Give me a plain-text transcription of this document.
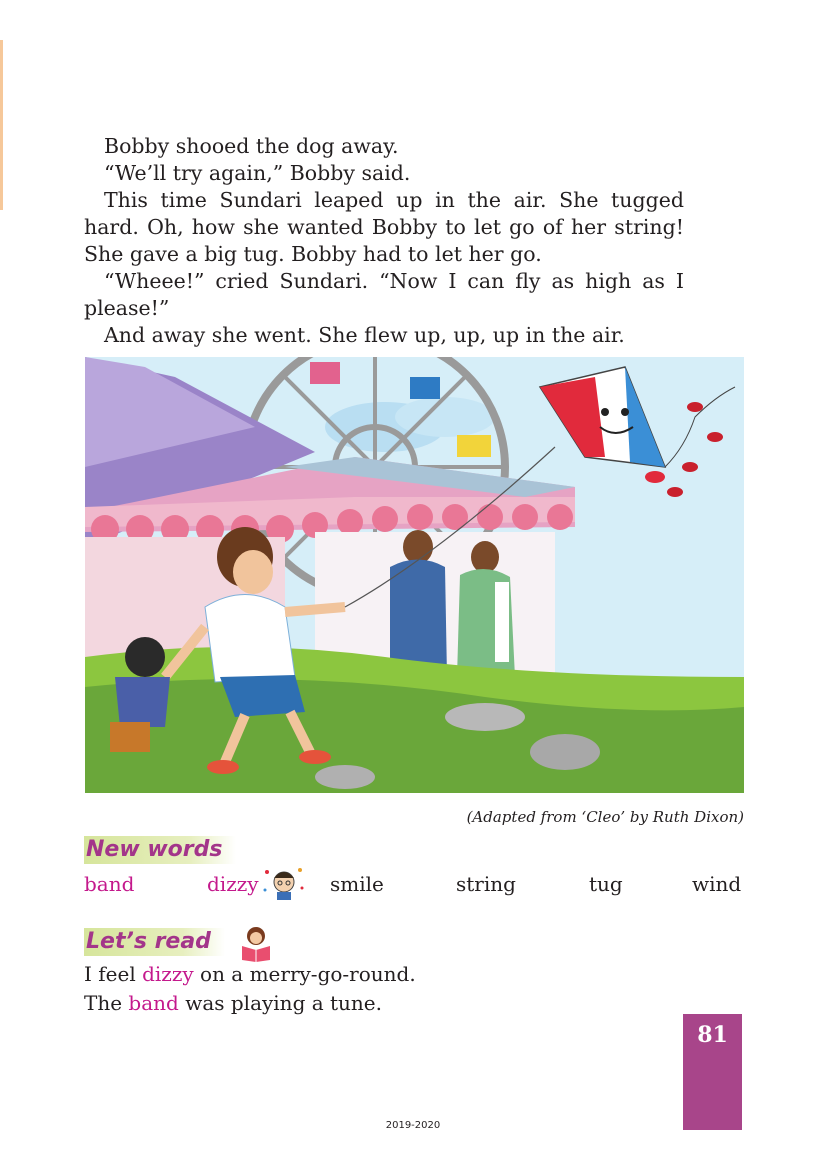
Bobby shooed the dog away.

“We’ll try again,” Bobby said.

This time Sundari leaped up in the air. She tugged hard. Oh, how she wanted Bobby to let go of her string! She gave a big tug. Bobby had to let her go.

“Wheee!” cried Sundari. “Now I can fly as high as I please!”

And away she went. She flew up, up, up in the air.

(Adapted from ‘Cleo’ by Ruth Dixon)
New words
band	dizzy	smile	string	tug	wind
Let’s read

I feel dizzy on a merry-go-round.

The band was playing a tune.

81
2019-2020
